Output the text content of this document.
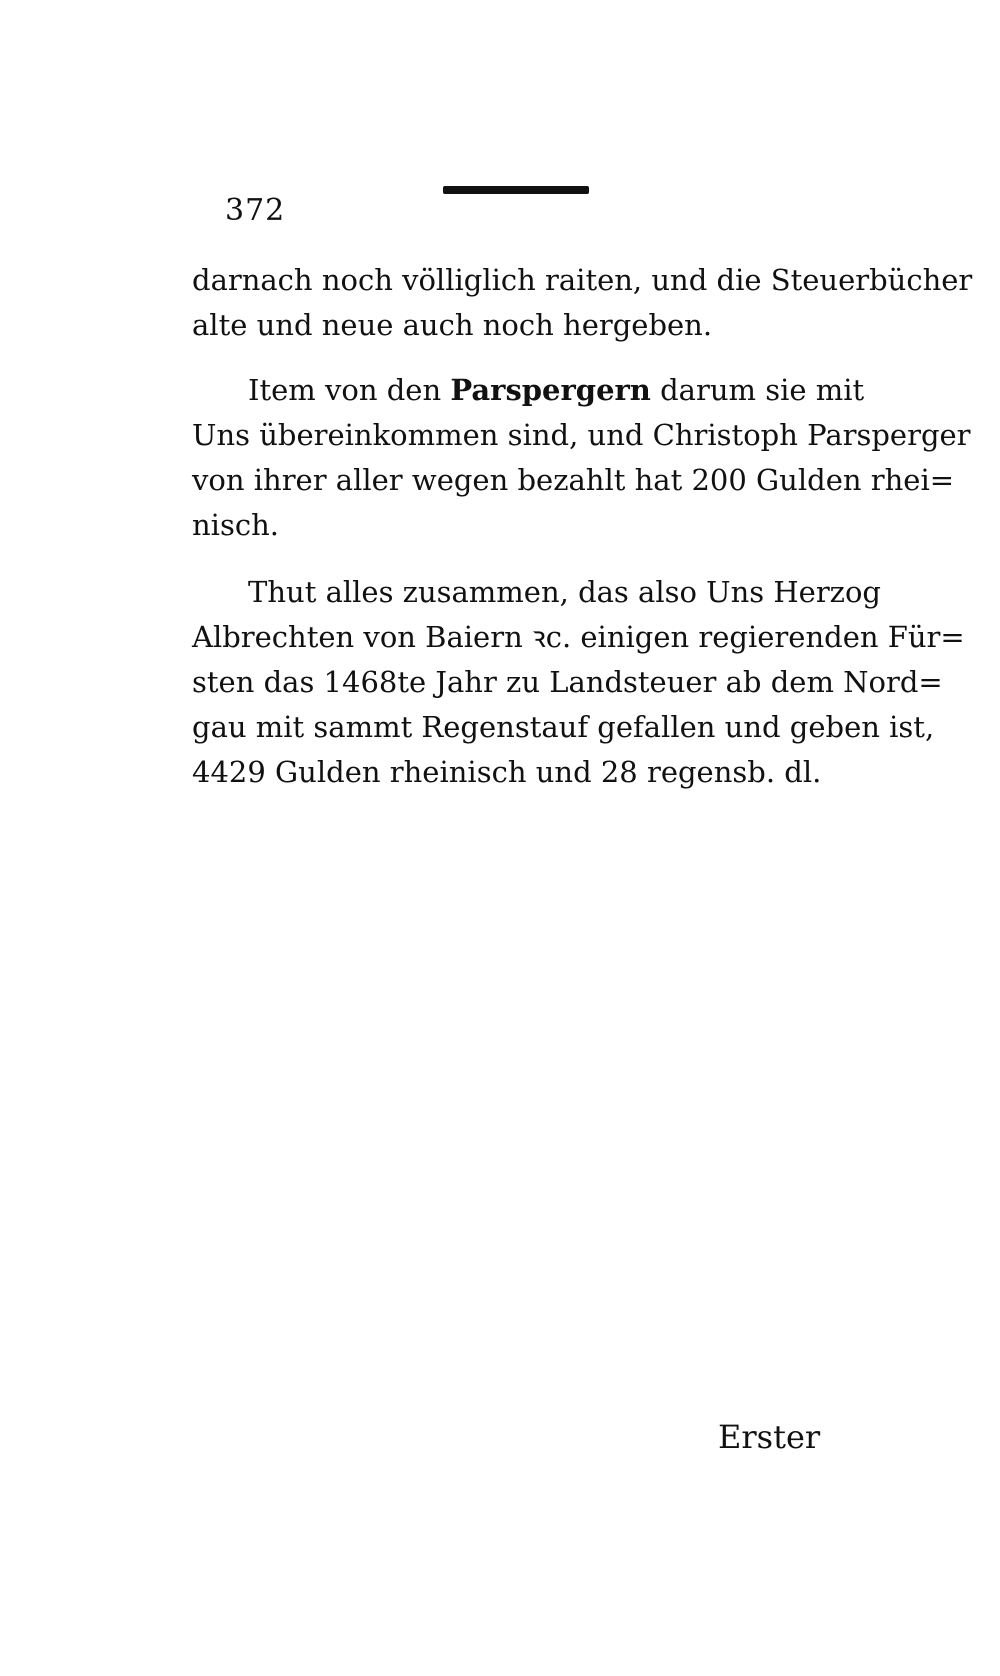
372
darnach noch völliglich raiten, und die Steuerbücher
alte und neue auch noch hergeben.
Item von den Parspergern darum sie mit
Uns übereinkommen sind, und Christoph Parsperger
von ihrer aller wegen bezahlt hat 200 Gulden rhei=
nisch.
Thut alles zusammen, das also Uns Herzog
Albrechten von Baiern ꝛc. einigen regierenden Für=
sten das 1468te Jahr zu Landsteuer ab dem Nord=
gau mit sammt Regenstauf gefallen und geben ist,
4429 Gulden rheinisch und 28 regensb. dl.
Erster
